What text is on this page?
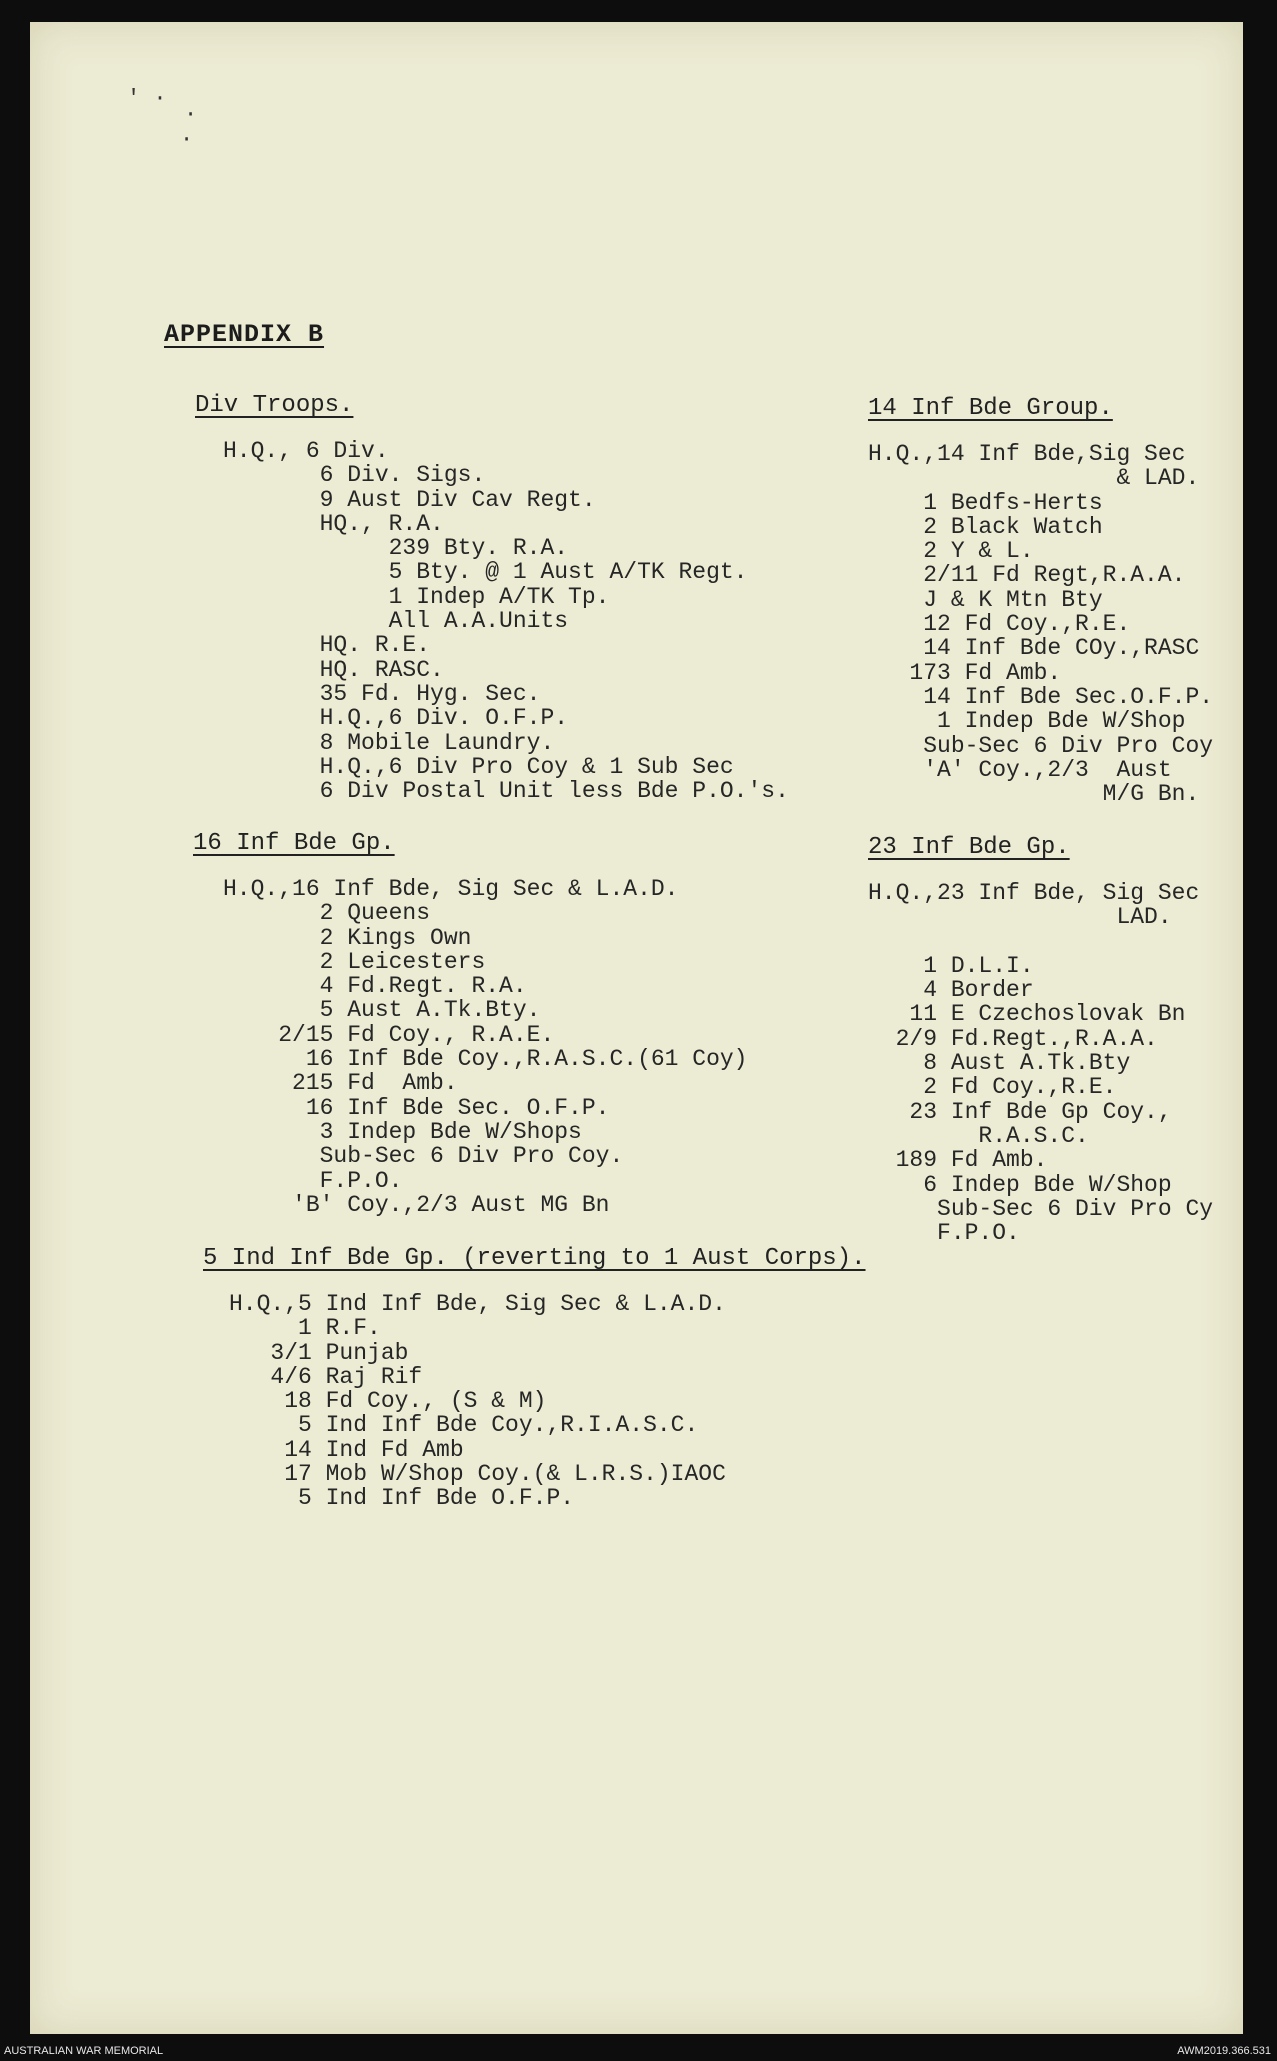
' ·
·
·
APPENDIX B
Div Troops.
H.Q., 6 Div.
6 Div. Sigs.
9 Aust Div Cav Regt.
HQ., R.A.
239 Bty. R.A.
5 Bty. @ 1 Aust A/TK Regt.
1 Indep A/TK Tp.
All A.A.Units
HQ. R.E.
HQ. RASC.
35 Fd. Hyg. Sec.
H.Q.,6 Div. O.F.P.
8 Mobile Laundry.
H.Q.,6 Div Pro Coy & 1 Sub Sec
6 Div Postal Unit less Bde P.O.'s.
16 Inf Bde Gp.
H.Q.,16 Inf Bde, Sig Sec & L.A.D.
2 Queens
2 Kings Own
2 Leicesters
4 Fd.Regt. R.A.
5 Aust A.Tk.Bty.
2/15 Fd Coy., R.A.E.
16 Inf Bde Coy.,R.A.S.C.(61 Coy)
215 Fd  Amb.
16 Inf Bde Sec. O.F.P.
3 Indep Bde W/Shops
Sub-Sec 6 Div Pro Coy.
F.P.O.
'B' Coy.,2/3 Aust MG Bn
5 Ind Inf Bde Gp. (reverting to 1 Aust Corps).
H.Q.,5 Ind Inf Bde, Sig Sec & L.A.D.
1 R.F.
3/1 Punjab
4/6 Raj Rif
18 Fd Coy., (S & M)
5 Ind Inf Bde Coy.,R.I.A.S.C.
14 Ind Fd Amb
17 Mob W/Shop Coy.(& L.R.S.)IAOC
5 Ind Inf Bde O.F.P.
14 Inf Bde Group.
H.Q.,14 Inf Bde,Sig Sec
& LAD.
1 Bedfs-Herts
2 Black Watch
2 Y & L.
2/11 Fd Regt,R.A.A.
J & K Mtn Bty
12 Fd Coy.,R.E.
14 Inf Bde COy.,RASC
173 Fd Amb.
14 Inf Bde Sec.O.F.P.
1 Indep Bde W/Shop
Sub-Sec 6 Div Pro Coy
'A' Coy.,2/3  Aust
M/G Bn.
23 Inf Bde Gp.
H.Q.,23 Inf Bde, Sig Sec
LAD.

1 D.L.I.
4 Border
11 E Czechoslovak Bn
2/9 Fd.Regt.,R.A.A.
8 Aust A.Tk.Bty
2 Fd Coy.,R.E.
23 Inf Bde Gp Coy.,
R.A.S.C.
189 Fd Amb.
6 Indep Bde W/Shop
Sub-Sec 6 Div Pro Cy
F.P.O.
AUSTRALIAN WAR MEMORIAL	AWM2019.366.531
